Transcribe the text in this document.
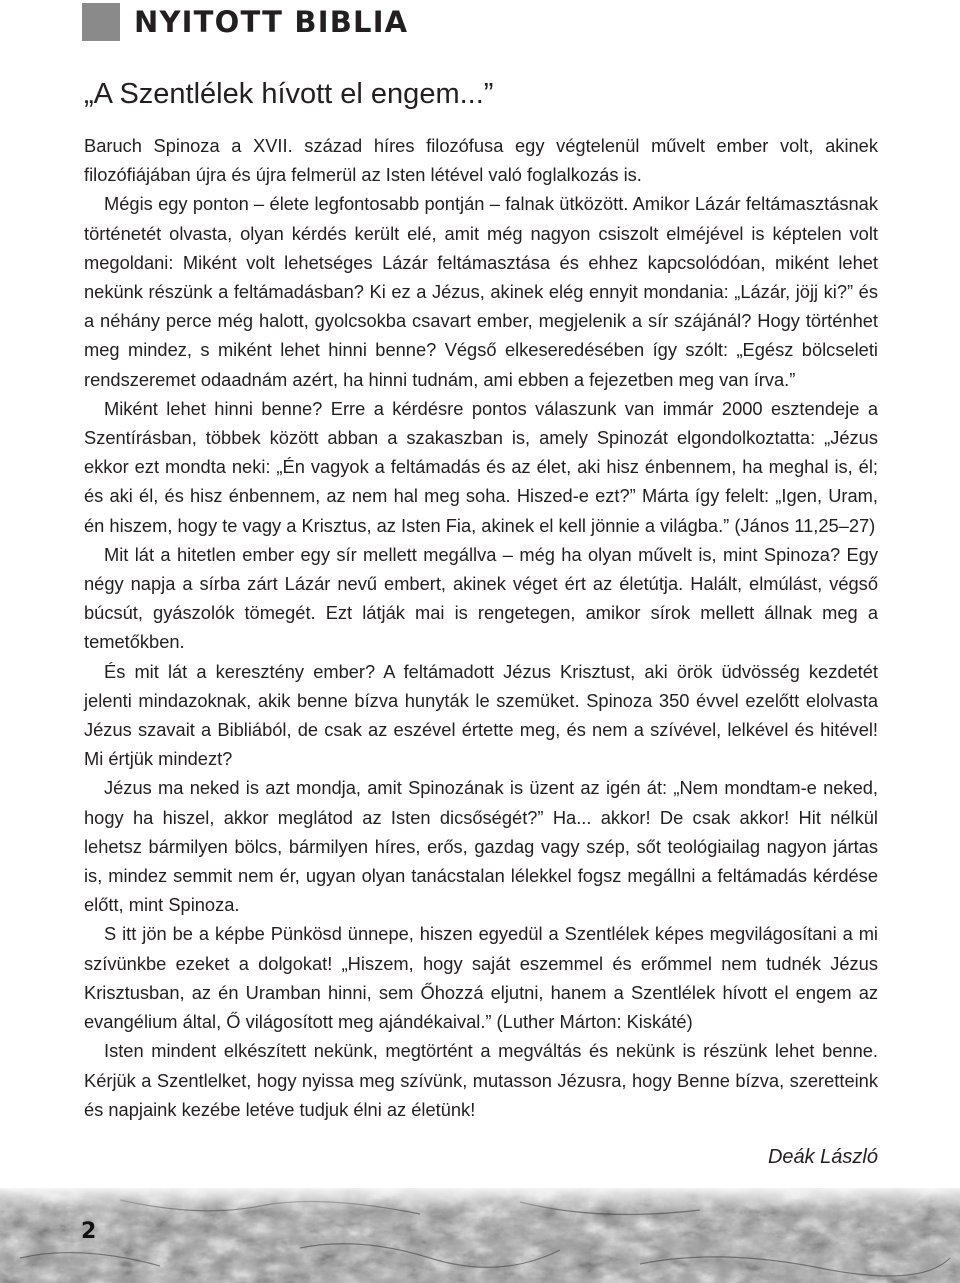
NYITOTT BIBLIA
„A Szentlélek hívott el engem...”

Baruch Spinoza a XVII. század híres filozófusa egy végtelenül művelt ember volt, akinek filozófiájában újra és újra felmerül az Isten létével való foglalkozás is.

Mégis egy ponton – élete legfontosabb pontján – falnak ütközött. Amikor Lázár feltámasztásnak történetét olvasta, olyan kérdés került elé, amit még nagyon csiszolt elméjével is képtelen volt megoldani: Miként volt lehetséges Lázár feltámasztása és ehhez kapcsolódóan, miként lehet nekünk részünk a feltámadásban? Ki ez a Jézus, akinek elég ennyit mondania: „Lázár, jöjj ki?” és a néhány perce még halott, gyolcsokba csavart ember, megjelenik a sír szájánál? Hogy történhet meg mindez, s miként lehet hinni benne? Végső elkeseredésében így szólt: „Egész bölcseleti rendszeremet odaadnám azért, ha hinni tudnám, ami ebben a fejezetben meg van írva.”

Miként lehet hinni benne? Erre a kérdésre pontos válaszunk van immár 2000 esztendeje a Szentírásban, többek között abban a szakaszban is, amely Spinozát elgondolkoztatta: „Jézus ekkor ezt mondta neki: „Én vagyok a feltámadás és az élet, aki hisz énbennem, ha meghal is, él; és aki él, és hisz énbennem, az nem hal meg soha. Hiszed-e ezt?” Márta így felelt: „Igen, Uram, én hiszem, hogy te vagy a Krisztus, az Isten Fia, akinek el kell jönnie a világba.” (János 11,25–27)

Mit lát a hitetlen ember egy sír mellett megállva – még ha olyan művelt is, mint Spinoza? Egy négy napja a sírba zárt Lázár nevű embert, akinek véget ért az életútja. Halált, elmúlást, végső búcsút, gyászolók tömegét. Ezt látják mai is rengetegen, amikor sírok mellett állnak meg a temetőkben.

És mit lát a keresztény ember? A feltámadott Jézus Krisztust, aki örök üdvösség kezdetét jelenti mindazoknak, akik benne bízva hunyták le szemüket. Spinoza 350 évvel ezelőtt elolvasta Jézus szavait a Bibliából, de csak az eszével értette meg, és nem a szívével, lelkével és hitével! Mi értjük mindezt?

Jézus ma neked is azt mondja, amit Spinozának is üzent az igén át: „Nem mondtam-e neked, hogy ha hiszel, akkor meglátod az Isten dicsőségét?” Ha... akkor! De csak akkor! Hit nélkül lehetsz bármilyen bölcs, bármilyen híres, erős, gazdag vagy szép, sőt teológiailag nagyon jártas is, mindez semmit nem ér, ugyan olyan tanácstalan lélekkel fogsz megállni a feltámadás kérdése előtt, mint Spinoza.

S itt jön be a képbe Pünkösd ünnepe, hiszen egyedül a Szentlélek képes megvilágosítani a mi szívünkbe ezeket a dolgokat! „Hiszem, hogy saját eszemmel és erőmmel nem tudnék Jézus Krisztusban, az én Uramban hinni, sem Őhozzá eljutni, hanem a Szentlélek hívott el engem az evangélium által, Ő világosított meg ajándékaival.” (Luther Márton: Kiskáté)

Isten mindent elkészített nekünk, megtörtént a megváltás és nekünk is részünk lehet benne. Kérjük a Szentlelket, hogy nyissa meg szívünk, mutasson Jézusra, hogy Benne bízva, szeretteink és napjaink kezébe letéve tudjuk élni az életünk!

Deák László
2
